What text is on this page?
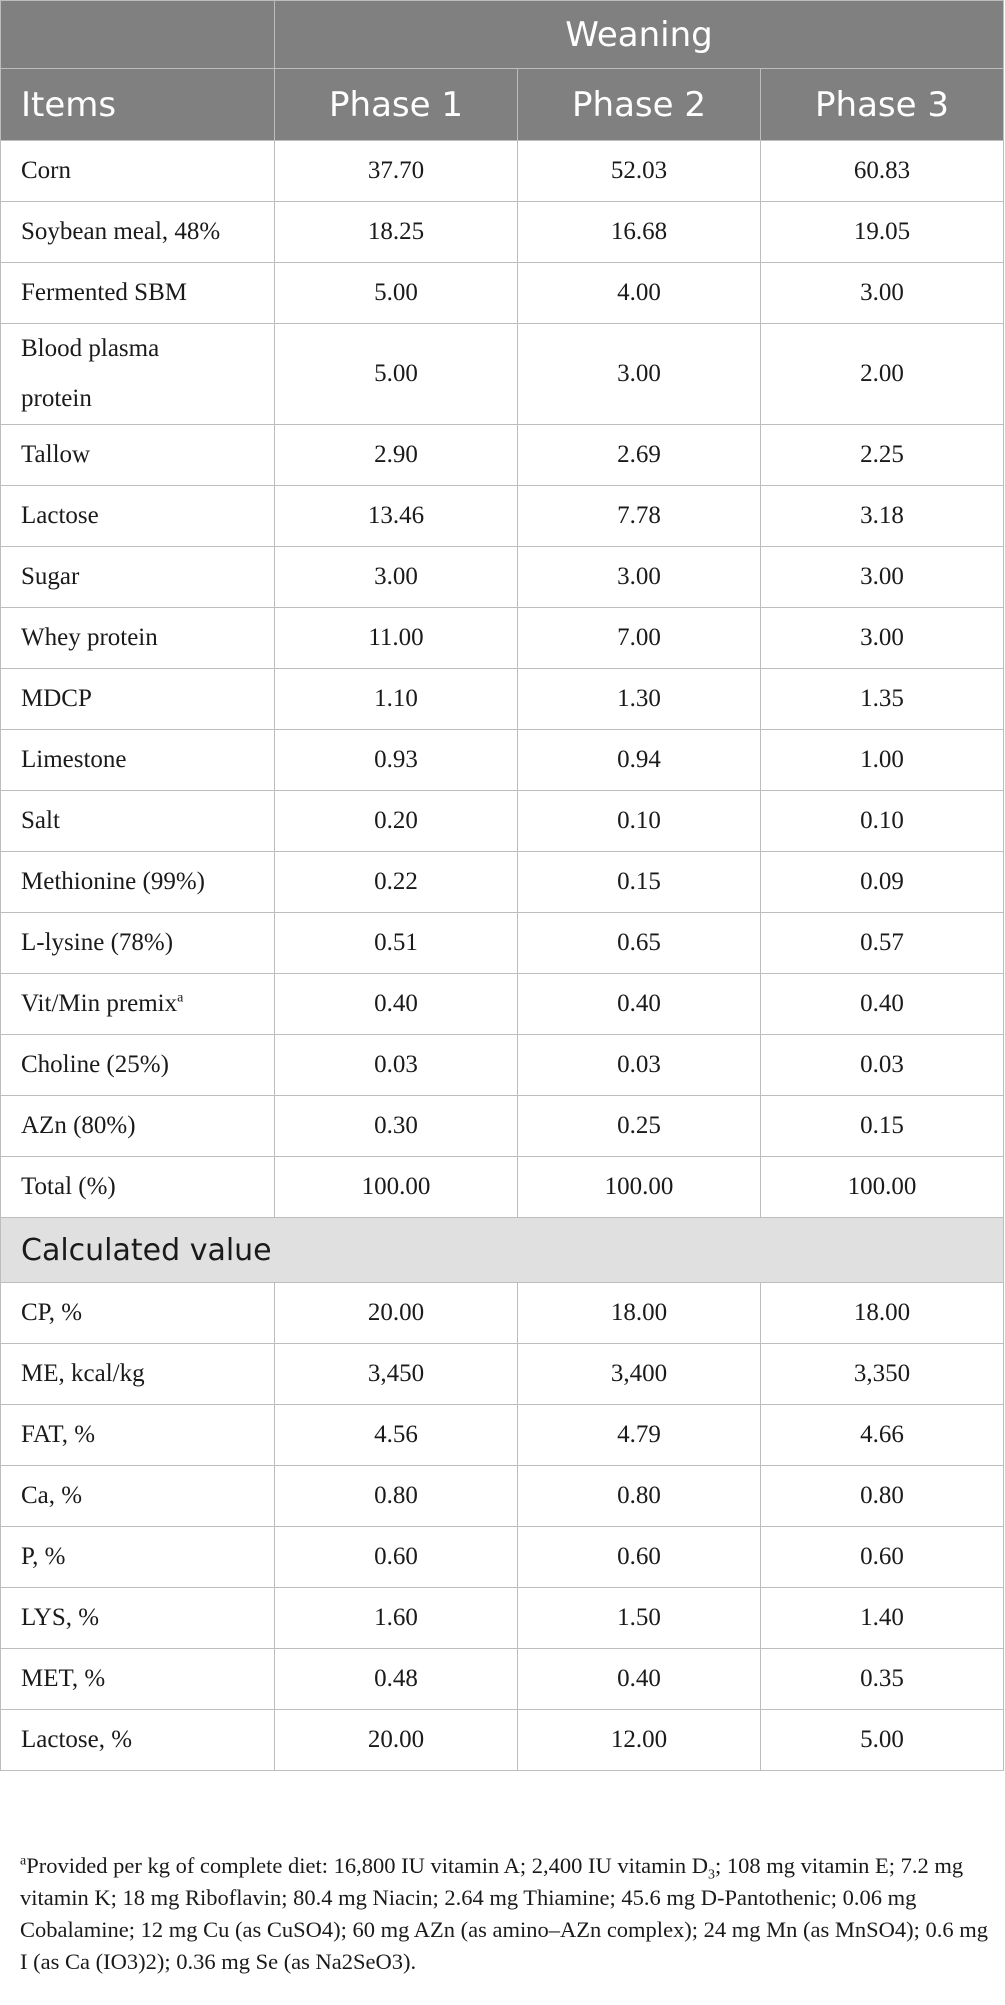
	Weaning		
Items	Phase 1	Phase 2	Phase 3
Corn	37.70	52.03	60.83
Soybean meal, 48%	18.25	16.68	19.05
Fermented SBM	5.00	4.00	3.00
Blood plasma
protein	5.00	3.00	2.00
Tallow	2.90	2.69	2.25
Lactose	13.46	7.78	3.18
Sugar	3.00	3.00	3.00
Whey protein	11.00	7.00	3.00
MDCP	1.10	1.30	1.35
Limestone	0.93	0.94	1.00
Salt	0.20	0.10	0.10
Methionine (99%)	0.22	0.15	0.09
L-lysine (78%)	0.51	0.65	0.57
Vit/Min premix$^a$	0.40	0.40	0.40
Choline (25%)	0.03	0.03	0.03
AZn (80%)	0.30	0.25	0.15
Total (%)	100.00	100.00	100.00
Calculated value			
CP, %	20.00	18.00	18.00
ME, kcal/kg	3,450	3,400	3,350
FAT, %	4.56	4.79	4.66
Ca, %	0.80	0.80	0.80
P, %	0.60	0.60	0.60
LYS, %	1.60	1.50	1.40
MET, %	0.48	0.40	0.35
Lactose, %	20.00	12.00	5.00
$^a$Provided per kg of complete diet: 16,800 IU vitamin A; 2,400 IU vitamin $D_3$; 108 mg vitamin E; 7.2 mg vitamin K; 18 mg Riboflavin; 80.4 mg Niacin; 2.64 mg Thiamine; 45.6 mg D-Pantothenic; 0.06 mg Cobalamine; 12 mg Cu (as CuSO4); 60 mg AZn (as amino–AZn complex); 24 mg Mn (as MnSO4); 0.6 mg I (as Ca (IO3)2); 0.36 mg Se (as Na2SeO3).
